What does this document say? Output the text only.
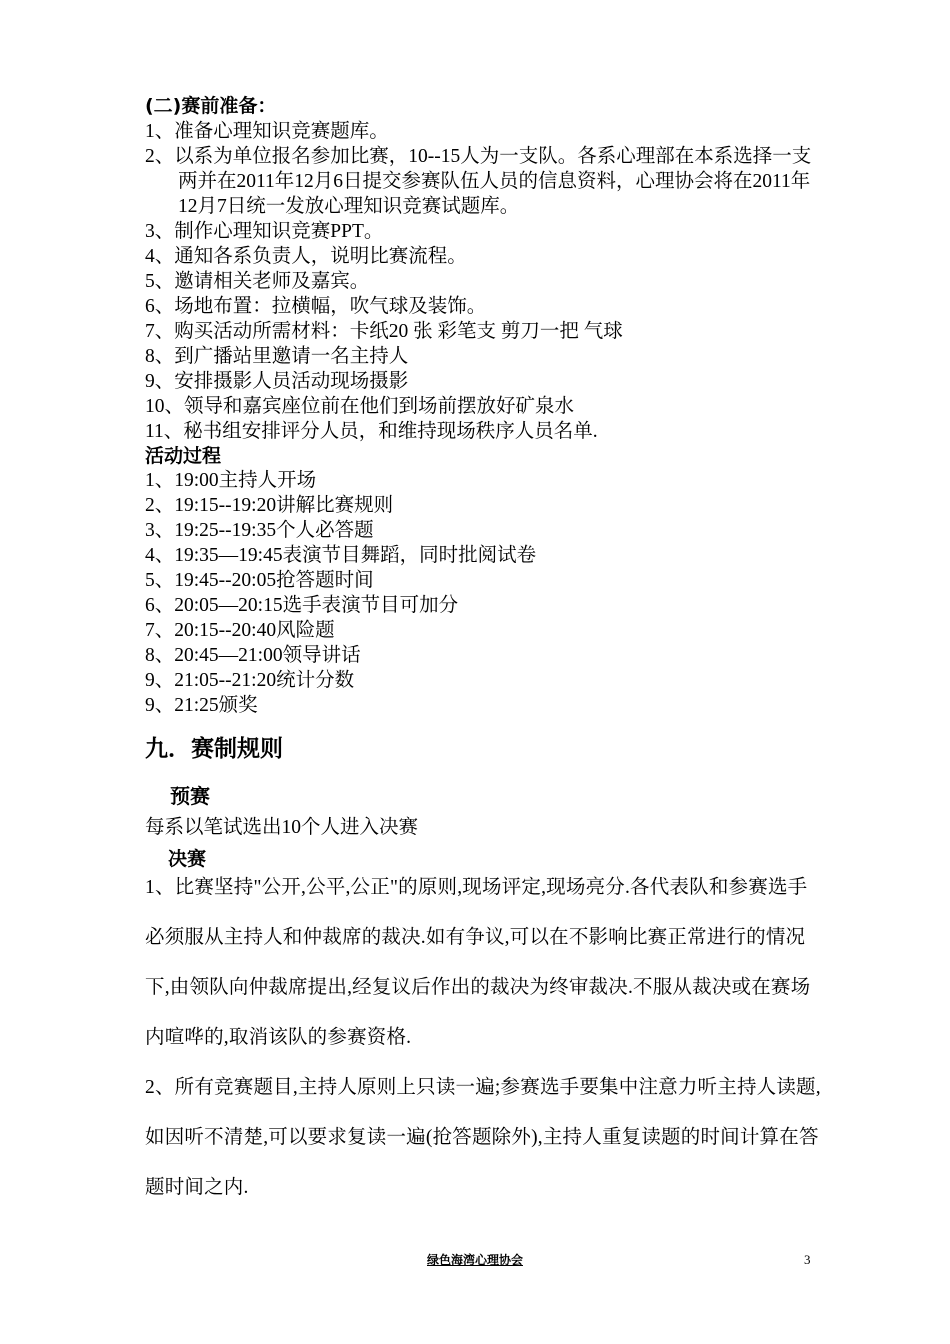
(二)赛前准备：
1、准备心理知识竞赛题库。
2、以系为单位报名参加比赛，10--15人为一支队。各系心理部在本系选择一支两并在2011年12月6日提交参赛队伍人员的信息资料，心理协会将在2011年12月7日统一发放心理知识竞赛试题库。
3、制作心理知识竞赛PPT。
4、通知各系负责人，说明比赛流程。
5、邀请相关老师及嘉宾。
6、场地布置：拉横幅，吹气球及装饰。
7、购买活动所需材料：卡纸20 张 彩笔支 剪刀一把 气球
8、到广播站里邀请一名主持人
9、安排摄影人员活动现场摄影
10、领导和嘉宾座位前在他们到场前摆放好矿泉水
11、秘书组安排评分人员，和维持现场秩序人员名单.
活动过程
1、19:00主持人开场
2、19:15--19:20讲解比赛规则
3、19:25--19:35个人必答题
4、19:35—19:45表演节目舞蹈，同时批阅试卷
5、19:45--20:05抢答题时间
6、20:05—20:15选手表演节目可加分
7、20:15--20:40风险题
8、20:45—21:00领导讲话
9、21:05--21:20统计分数
9、21:25颁奖
九．赛制规则
预赛
每系以笔试选出10个人进入决赛
决赛

1、比赛坚持"公开,公平,公正"的原则,现场评定,现场亮分.各代表队和参赛选手必须服从主持人和仲裁席的裁决.如有争议,可以在不影响比赛正常进行的情况下,由领队向仲裁席提出,经复议后作出的裁决为终审裁决.不服从裁决或在赛场内喧哗的,取消该队的参赛资格.

2、所有竞赛题目,主持人原则上只读一遍;参赛选手要集中注意力听主持人读题,如因听不清楚,可以要求复读一遍(抢答题除外),主持人重复读题的时间计算在答题时间之内.

绿色海湾心理协会	3
